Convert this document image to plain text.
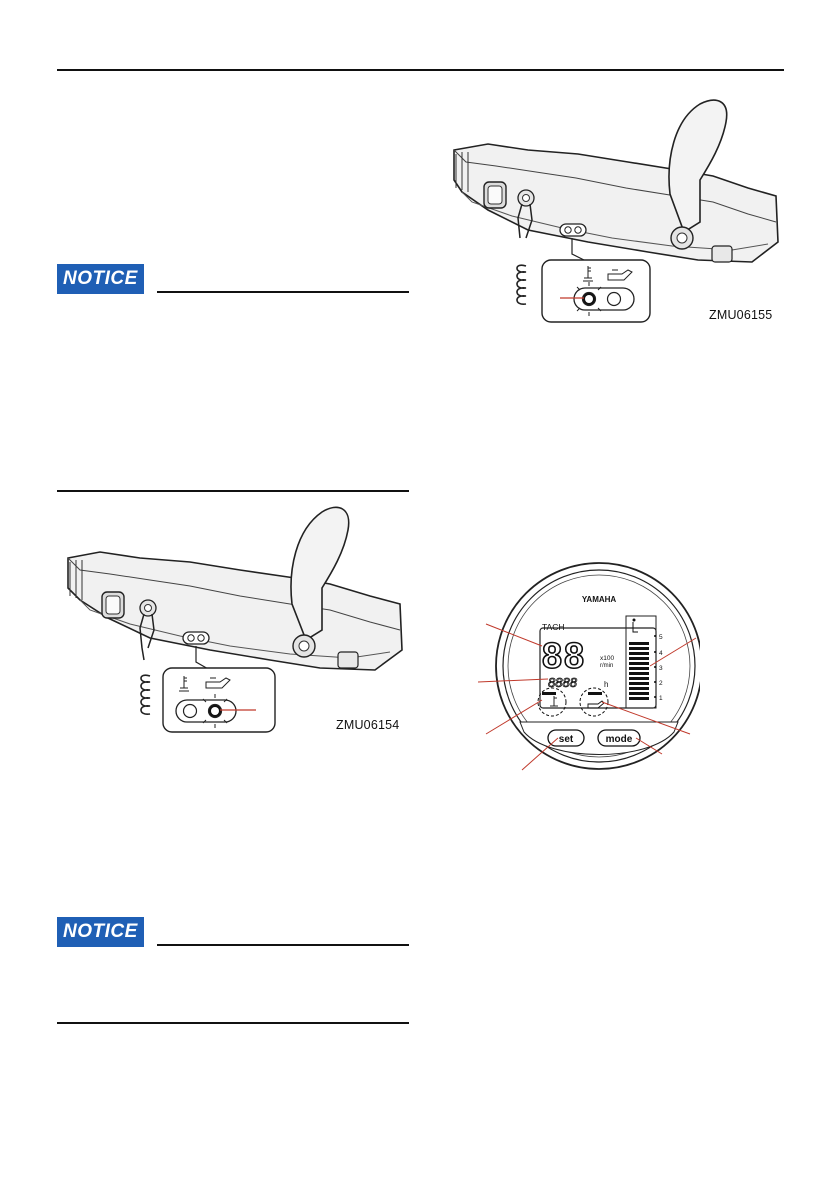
NOTICE
NOTICE
ZMU06154
ZMU06155
YAMAHA
TACH
88 x100
r/min
8888	h
5
4
3
2
1
set	mode
